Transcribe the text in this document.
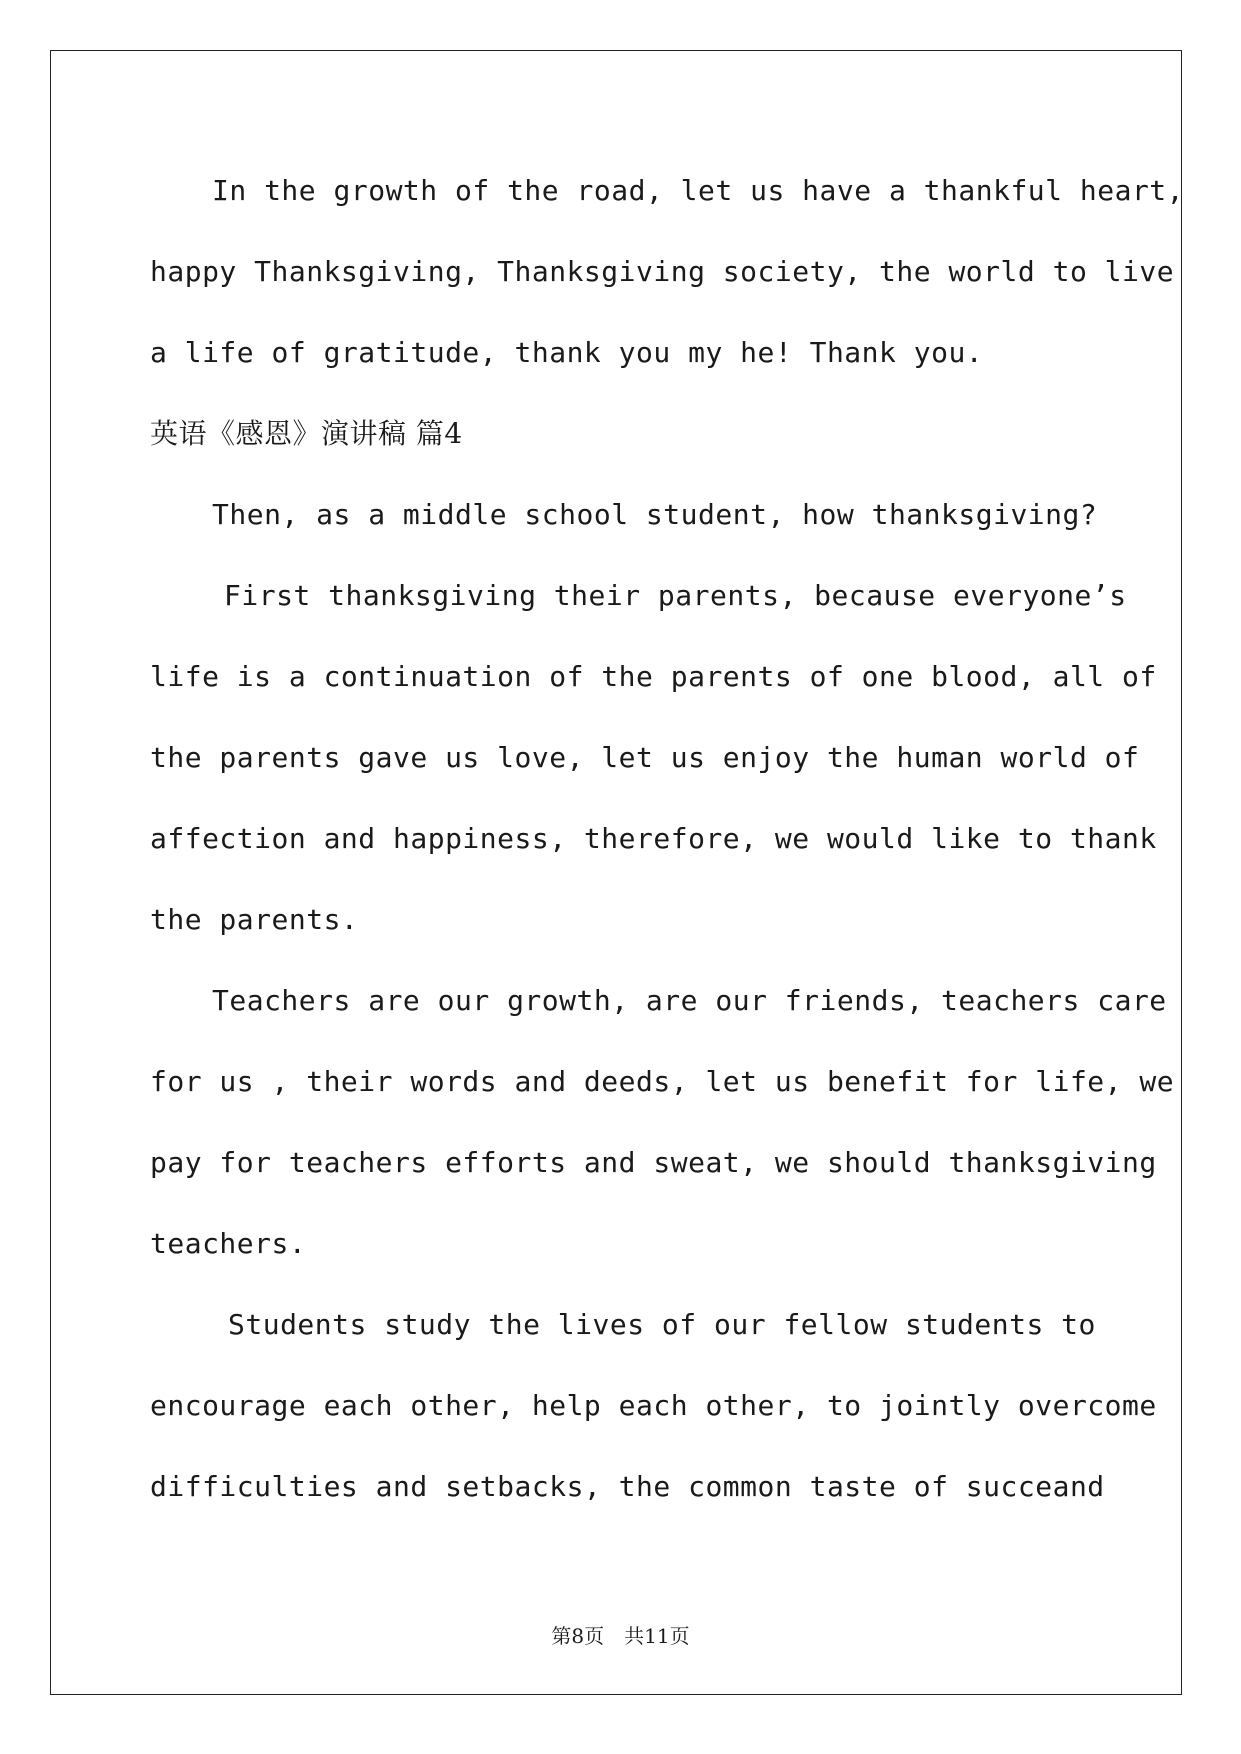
In the growth of the road, let us have a thankful heart,
happy Thanksgiving, Thanksgiving society, the world to live
a life of gratitude, thank you my he! Thank you.
英语《感恩》演讲稿 篇4
Then, as a middle school student, how thanksgiving?
First thanksgiving their parents, because everyone’s
life is a continuation of the parents of one blood, all of
the parents gave us love, let us enjoy the human world of
affection and happiness, therefore, we would like to thank
the parents.
Teachers are our growth, are our friends, teachers care
for us , their words and deeds, let us benefit for life, we
pay for teachers efforts and sweat, we should thanksgiving
teachers.
Students study the lives of our fellow students to
encourage each other, help each other, to jointly overcome
difficulties and setbacks, the common taste of succeand
第8页　共11页
